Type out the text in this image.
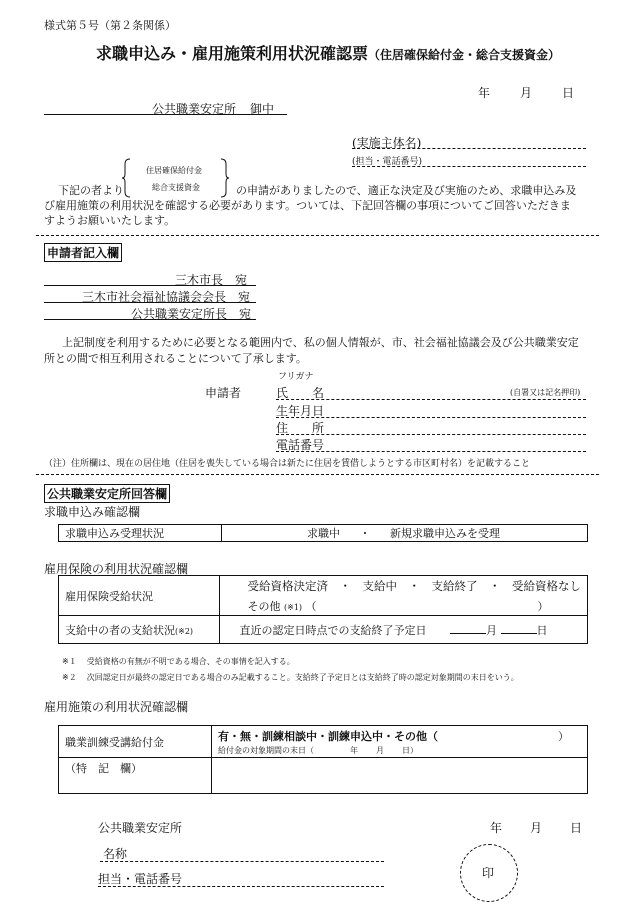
様式第５号（第２条関係）
求職申込み・雇用施策利用状況確認票（住居確保給付金・総合支援資金）
年	月	日
公共職業安定所 御中
(実施主体名)
(担当・電話番号)
下記の者より
住居確保給付金
総合支援資金	の申請がありましたので、適正な決定及び実施のため、求職申込み及
び雇用施策の利用状況を確認する必要があります。ついては、下記回答欄の事項についてご回答いただきま
すようお願いいたします。
申請者記入欄
三木市長　宛
三木市社会福祉協議会会長　宛
公共職業安定所長　宛
上記制度を利用するために必要となる範囲内で、私の個人情報が、市、社会福祉協議会及び公共職業安定
所との間で相互利用されることについて了承します。
申請者
フリガナ
氏　　名	(自署又は記名押印)
生年月日
住　　所
電話番号
（注）住所欄は、現在の居住地（住居を喪失している場合は新たに住居を賃借しようとする市区町村名）を記載すること
公共職業安定所回答欄
求職申込み確認欄
求職申込み受理状況	求職中 ・ 新規求職申込みを受理
雇用保険の利用状況確認欄
雇用保険受給状況	受給資格決定済　・　支給中　・　支給終了　・　受給資格なし
その他 (※1) （ ）

支給中の者の支給状況(※2)	直近の認定日時点での支給終了予定日 月 日
※１ 受給資格の有無が不明である場合、その事情を記入する。
※２ 次回認定日が最終の認定日である場合のみ記載すること。支給終了予定日とは支給終了時の認定対象期間の末日をいう。
雇用施策の利用状況確認欄
職業訓練受講給付金	有・無・訓練相談中・訓練申込中・その他（ ）
給付金の対象期間の末日（ 年 月 日）

（特　記　欄）	
公共職業安定所	年 月 日
名称
担当・電話番号	印
